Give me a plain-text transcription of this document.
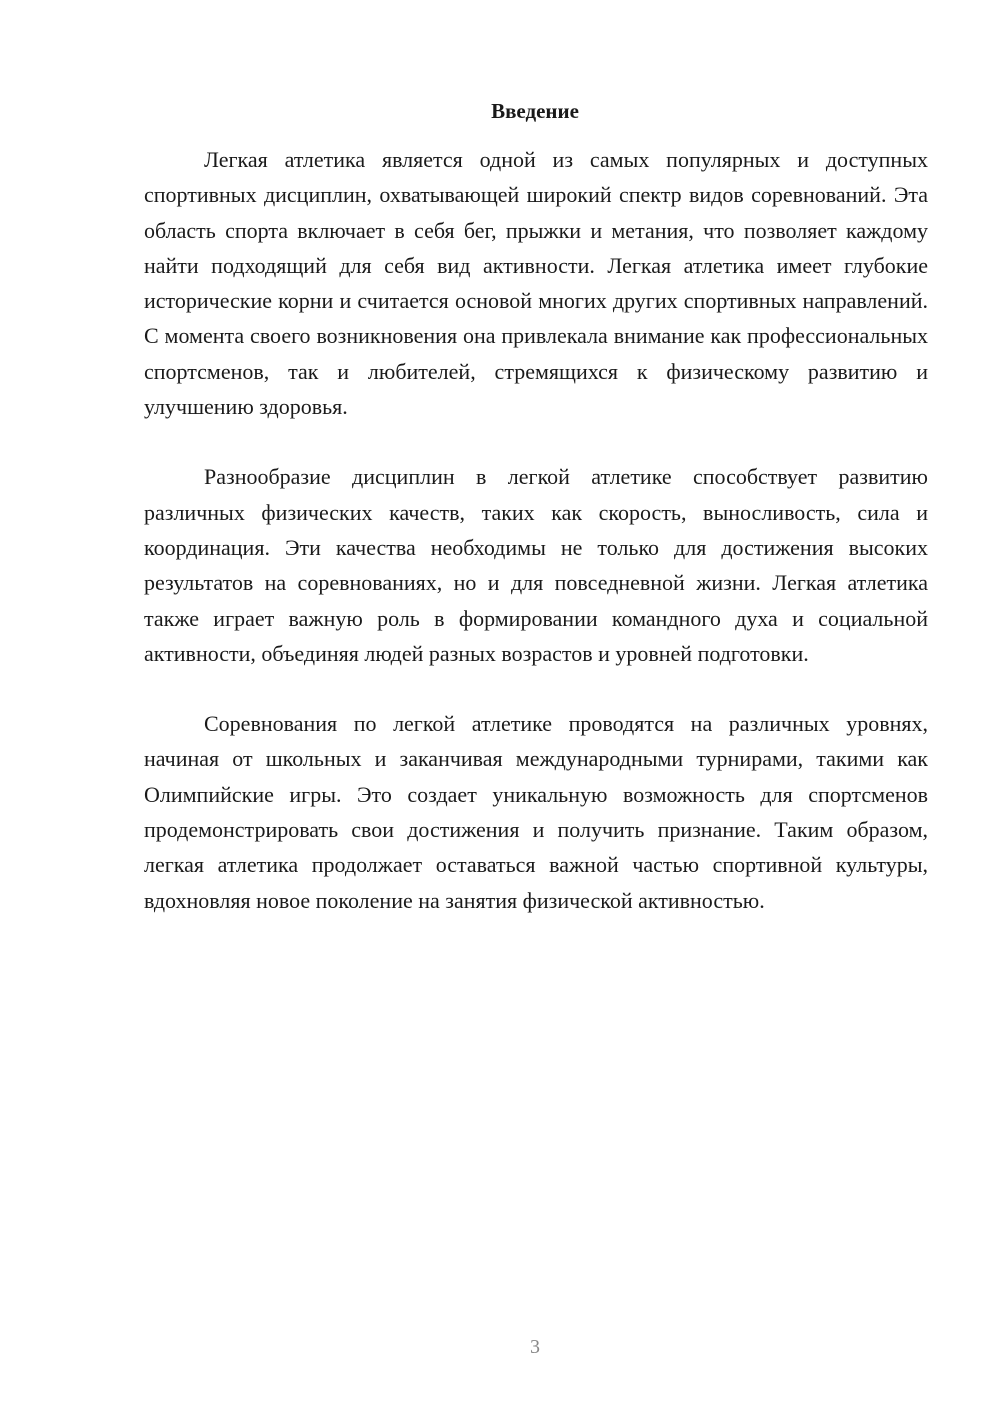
Введение

Легкая атлетика является одной из самых популярных и доступных спортивных дисциплин, охватывающей широкий спектр видов соревнований. Эта область спорта включает в себя бег, прыжки и метания, что позволяет каждому найти подходящий для себя вид активности. Легкая атлетика имеет глубокие исторические корни и считается основой многих других спортивных направлений. С момента своего возникновения она привлекала внимание как профессиональных спортсменов, так и любителей, стремящихся к физическому развитию и улучшению здоровья.

Разнообразие дисциплин в легкой атлетике способствует развитию различных физических качеств, таких как скорость, выносливость, сила и координация. Эти качества необходимы не только для достижения высоких результатов на соревнованиях, но и для повседневной жизни. Легкая атлетика также играет важную роль в формировании командного духа и социальной активности, объединяя людей разных возрастов и уровней подготовки.

Соревнования по легкой атлетике проводятся на различных уровнях, начиная от школьных и заканчивая международными турнирами, такими как Олимпийские игры. Это создает уникальную возможность для спортсменов продемонстрировать свои достижения и получить признание. Таким образом, легкая атлетика продолжает оставаться важной частью спортивной культуры, вдохновляя новое поколение на занятия физической активностью.

3
